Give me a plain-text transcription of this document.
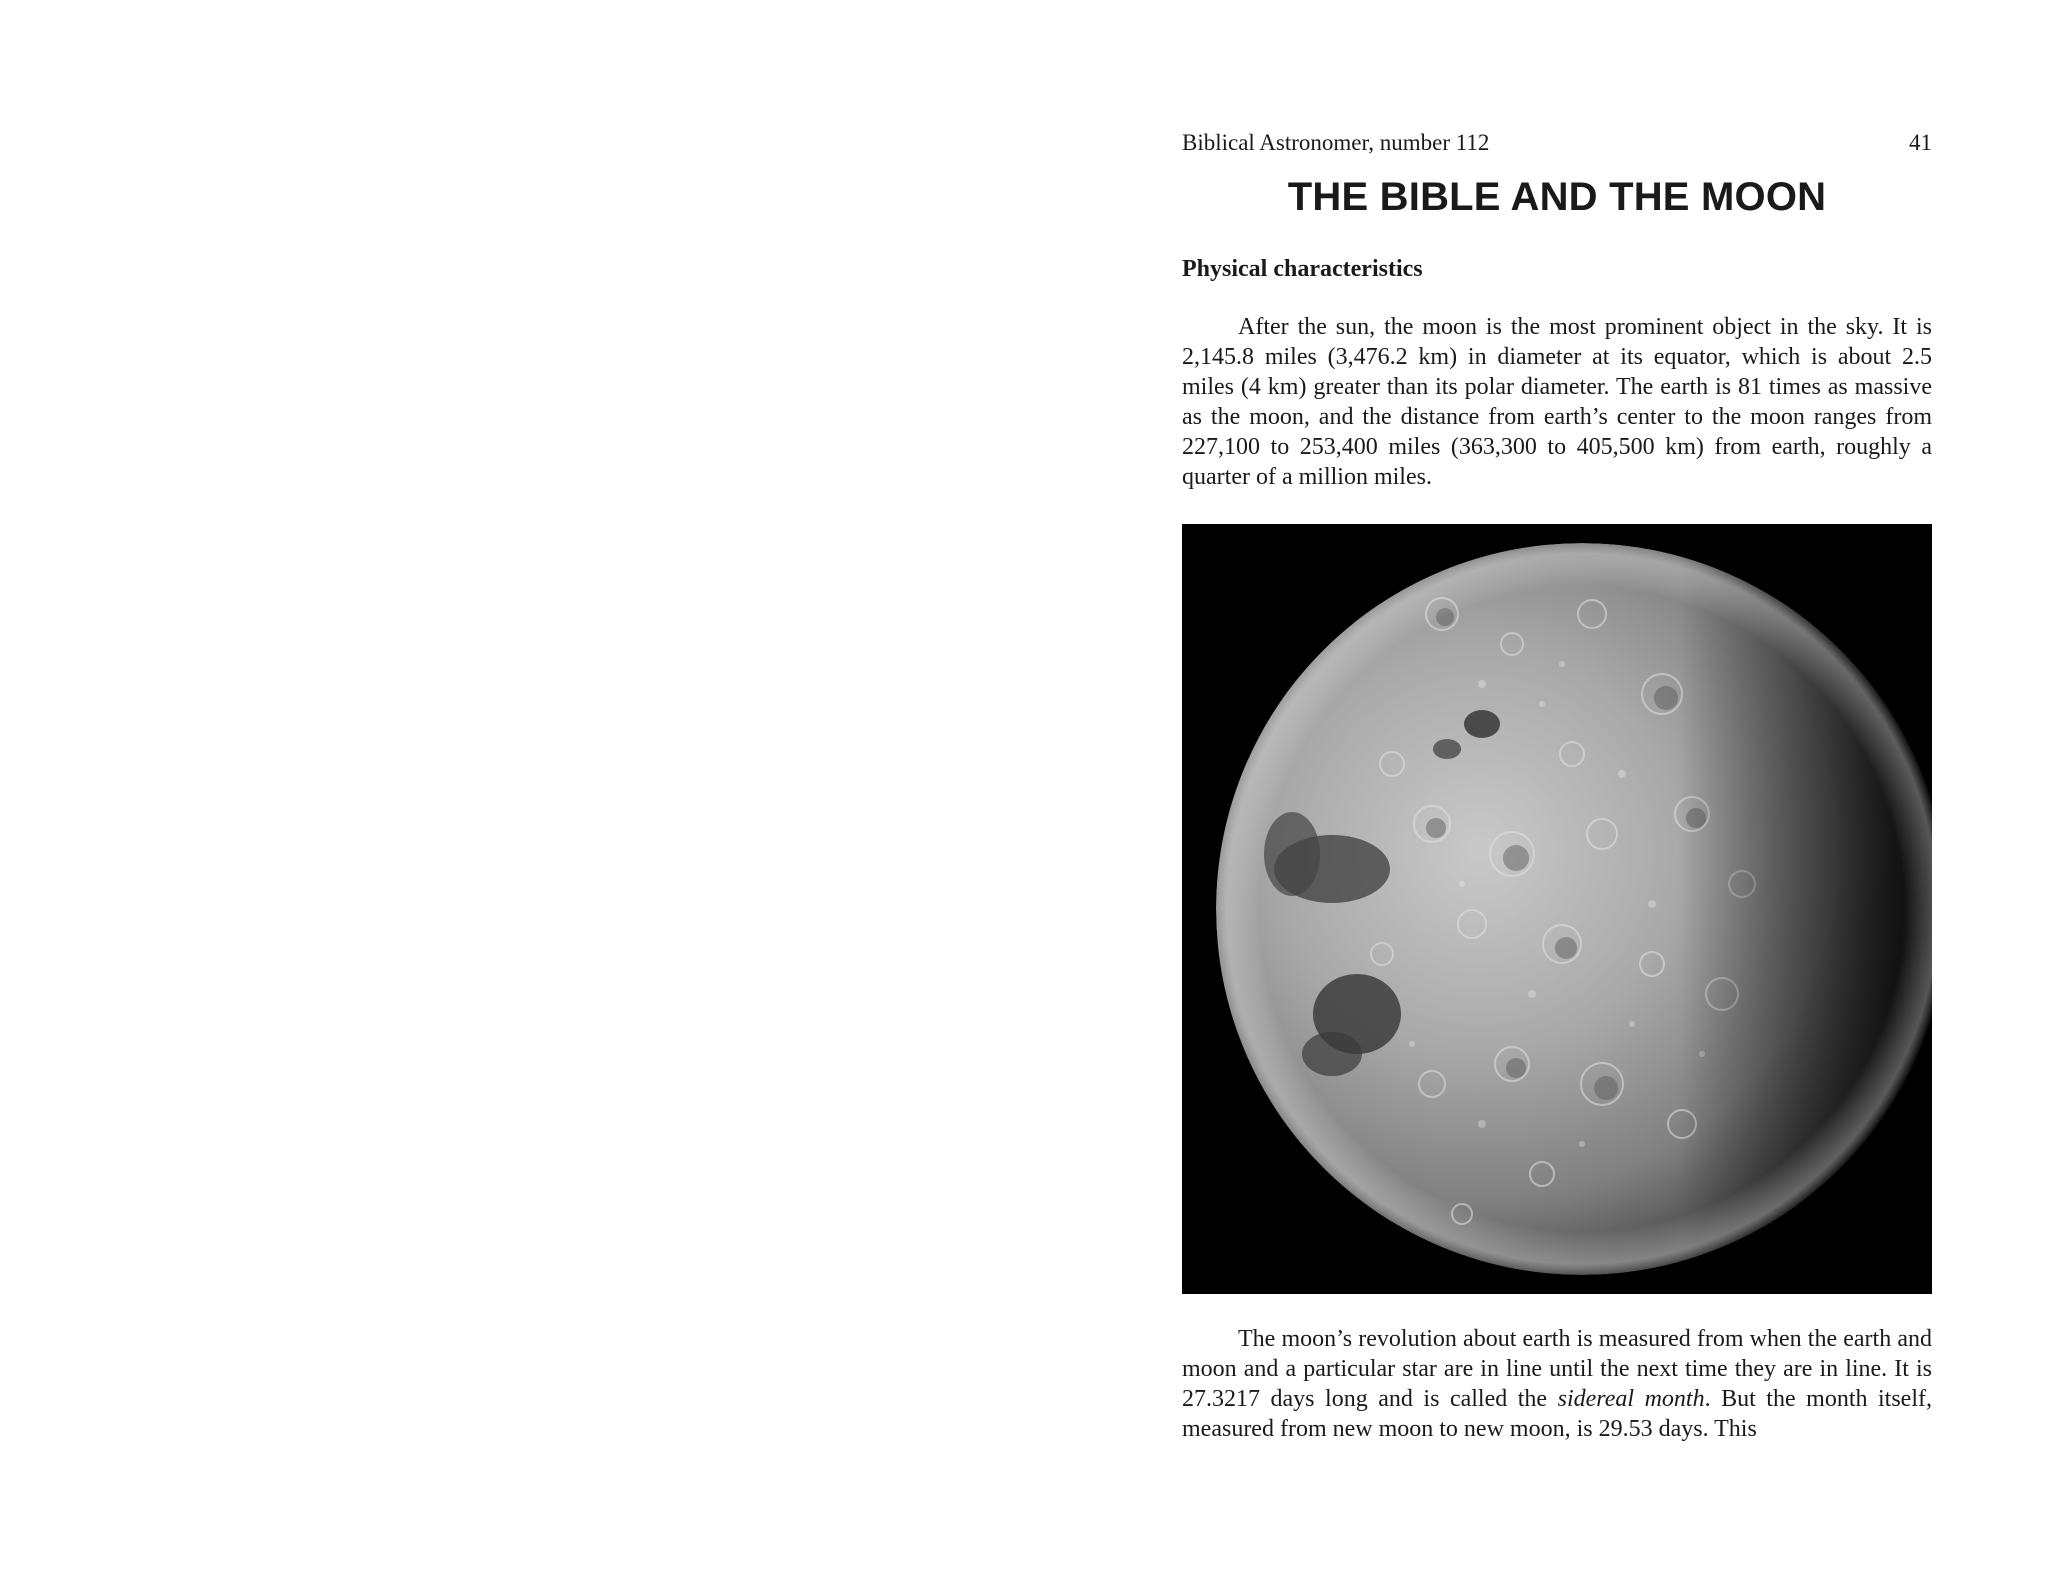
Biblical Astronomer, number 112	41
THE BIBLE AND THE MOON
Physical characteristics

After the sun, the moon is the most prominent object in the sky. It is 2,145.8 miles (3,476.2 km) in diameter at its equator, which is about 2.5 miles (4 km) greater than its polar diameter. The earth is 81 times as massive as the moon, and the distance from earth’s center to the moon ranges from 227,100 to 253,400 miles (363,300 to 405,500 km) from earth, roughly a quarter of a million miles.

The moon’s revolution about earth is measured from when the earth and moon and a particular star are in line until the next time they are in line. It is 27.3217 days long and is called the sidereal month. But the month itself, measured from new moon to new moon, is 29.53 days. This
